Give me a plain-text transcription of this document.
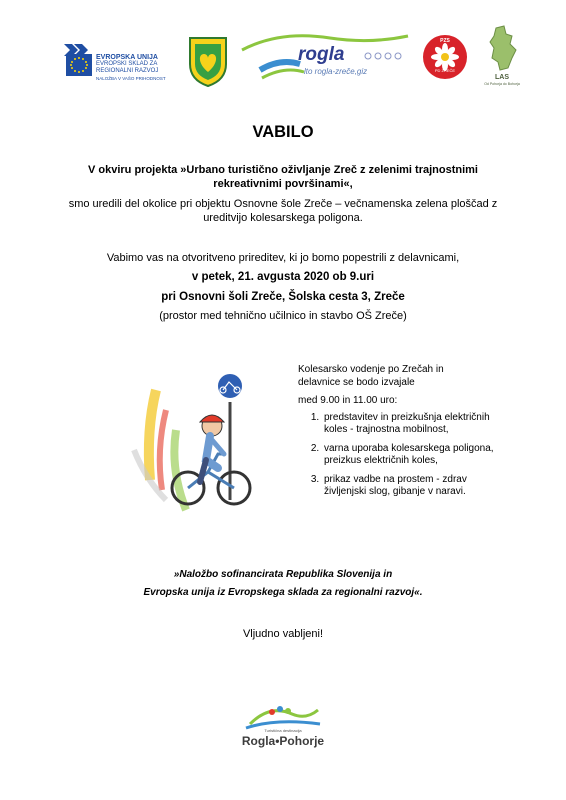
EVROPSKA UNIJA
EVROPSKI SKLAD ZA
REGIONALNI RAZVOJ
NALOŽBA V VAŠO PRIHODNOST
rogla
lto rogla-zreče,giz
PZS
PD ZREČE
LAS
Od Pohorja do Bohorja
VABILO
V okviru projekta »Urbano turistično oživljanje Zreč z zelenimi trajnostnimi
rekreativnimi površinami«,
smo uredili del okolice pri objektu Osnovne šole Zreče – večnamenska zelena ploščad z
ureditvijo kolesarskega poligona.
Vabimo vas na otvoritveno prireditev, ki jo bomo popestrili z delavnicami,
v petek, 21. avgusta 2020 ob 9.uri
pri Osnovni šoli Zreče, Šolska cesta 3, Zreče
(prostor med tehnično učilnico in stavbo OŠ Zreče)
Kolesarsko vodenje po Zrečah in
delavnice se bodo izvajale
med 9.00 in 11.00 uro:
1. predstavitev in preizkušnja električnih koles - trajnostna mobilnost,
2. varna uporaba kolesarskega poligona, preizkus električnih koles,
3. prikaz vadbe na prostem - zdrav življenjski slog, gibanje v naravi.
»Naložbo sofinancirata Republika Slovenija in
Evropska unija iz Evropskega sklada za regionalni razvoj«.
Vljudno vabljeni!
Turistična destinacija
Rogla•Pohorje
